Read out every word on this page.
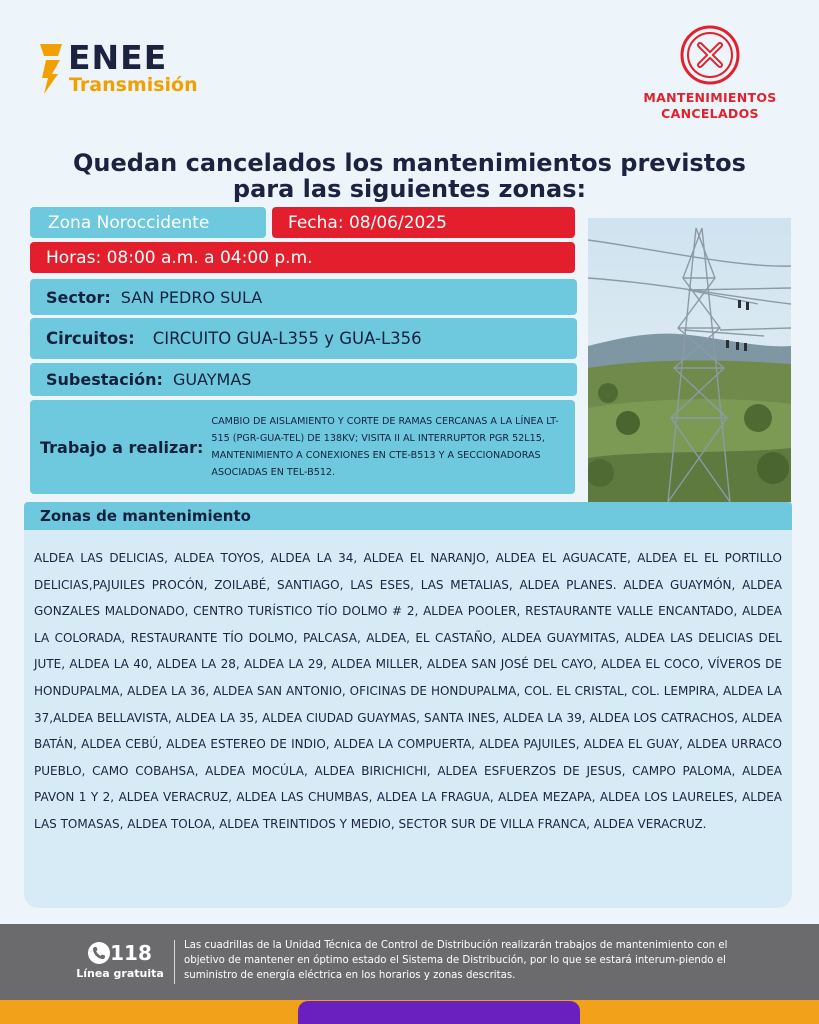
ENEE
Transmisión
MANTENIMIENTOS
CANCELADOS
Quedan cancelados los mantenimientos previstos
para las siguientes zonas:
Zona Noroccidente	Fecha: 08/06/2025
Horas: 08:00 a.m. a 04:00 p.m.
Sector: SAN PEDRO SULA
Circuitos: CIRCUITO GUA-L355 y GUA-L356
Subestación: GUAYMAS
Trabajo a realizar:
CAMBIO DE AISLAMIENTO Y CORTE DE RAMAS CERCANAS A LA LÍNEA LT-515 (PGR-GUA-TEL) DE 138KV; VISITA II AL INTERRUPTOR PGR 52L15, MANTENIMIENTO A CONEXIONES EN CTE-B513 Y A SECCIONADORAS ASOCIADAS EN TEL-B512.
Zonas de mantenimiento

ALDEA LAS DELICIAS, ALDEA TOYOS, ALDEA LA 34, ALDEA EL NARANJO, ALDEA EL AGUACATE, ALDEA EL EL PORTILLO DELICIAS,PAJUILES PROCÓN, ZOILABÉ, SANTIAGO, LAS ESES, LAS METALIAS, ALDEA PLANES. ALDEA GUAYMÓN, ALDEA GONZALES MALDONADO, CENTRO TURÍSTICO TÍO DOLMO # 2, ALDEA POOLER, RESTAURANTE VALLE ENCANTADO, ALDEA LA COLORADA, RESTAURANTE TÍO DOLMO, PALCASA, ALDEA, EL CASTAÑO, ALDEA GUAYMITAS, ALDEA LAS DELICIAS DEL JUTE, ALDEA LA 40, ALDEA LA 28, ALDEA LA 29, ALDEA MILLER, ALDEA SAN JOSÉ DEL CAYO, ALDEA EL COCO, VÍVEROS DE HONDUPALMA, ALDEA LA 36, ALDEA SAN ANTONIO, OFICINAS DE HONDUPALMA, COL. EL CRISTAL, COL. LEMPIRA, ALDEA LA 37,ALDEA BELLAVISTA, ALDEA LA 35, ALDEA CIUDAD GUAYMAS, SANTA INES, ALDEA LA 39, ALDEA LOS CATRACHOS, ALDEA BATÁN, ALDEA CEBÚ, ALDEA ESTEREO DE INDIO, ALDEA LA COMPUERTA, ALDEA PAJUILES, ALDEA EL GUAY, ALDEA URRACO PUEBLO, CAMO COBAHSA, ALDEA MOCÚLA, ALDEA BIRICHICHI, ALDEA ESFUERZOS DE JESUS, CAMPO PALOMA, ALDEA PAVON 1 Y 2, ALDEA VERACRUZ, ALDEA LAS CHUMBAS, ALDEA LA FRAGUA, ALDEA MEZAPA, ALDEA LOS LAURELES, ALDEA LAS TOMASAS, ALDEA TOLOA, ALDEA TREINTIDOS Y MEDIO, SECTOR SUR DE VILLA FRANCA, ALDEA VERACRUZ.

118
Línea gratuita
Las cuadrillas de la Unidad Técnica de Control de Distribución realizarán trabajos de mantenimiento con el objetivo de mantener en óptimo estado el Sistema de Distribución, por lo que se estará interum-piendo el suministro de energía eléctrica en los horarios y zonas descritas.
